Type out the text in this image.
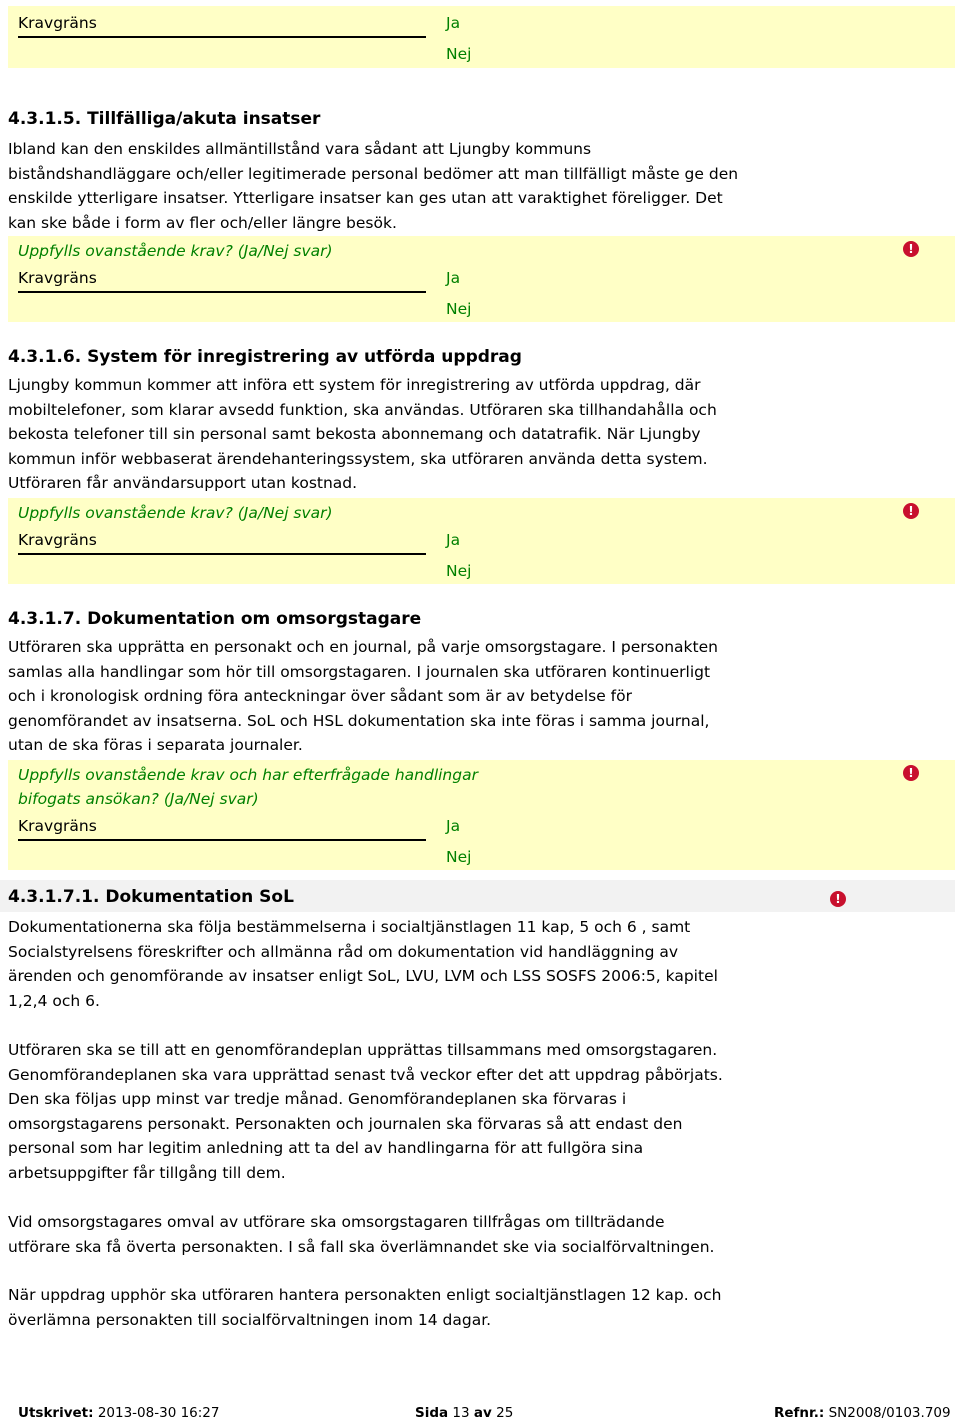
Kravgräns	Ja
Nej
4.3.1.5. Tillfälliga/akuta insatser
Ibland kan den enskildes allmäntillstånd vara sådant att Ljungby kommuns
biståndshandläggare och/eller legitimerade personal bedömer att man tillfälligt måste ge den
enskilde ytterligare insatser. Ytterligare insatser kan ges utan att varaktighet föreligger. Det
kan ske både i form av fler och/eller längre besök.
Uppfylls ovanstående krav? (Ja/Nej svar)	!
Kravgräns	Ja
Nej
4.3.1.6. System för inregistrering av utförda uppdrag
Ljungby kommun kommer att införa ett system för inregistrering av utförda uppdrag, där
mobiltelefoner, som klarar avsedd funktion, ska användas. Utföraren ska tillhandahålla och
bekosta telefoner till sin personal samt bekosta abonnemang och datatrafik. När Ljungby
kommun inför webbaserat ärendehanteringssystem, ska utföraren använda detta system.
Utföraren får användarsupport utan kostnad.
Uppfylls ovanstående krav? (Ja/Nej svar)	!
Kravgräns	Ja
Nej
4.3.1.7. Dokumentation om omsorgstagare
Utföraren ska upprätta en personakt och en journal, på varje omsorgstagare. I personakten
samlas alla handlingar som hör till omsorgstagaren. I journalen ska utföraren kontinuerligt
och i kronologisk ordning föra anteckningar över sådant som är av betydelse för
genomförandet av insatserna. SoL och HSL dokumentation ska inte föras i samma journal,
utan de ska föras i separata journaler.
Uppfylls ovanstående krav och har efterfrågade handlingar
bifogats ansökan? (Ja/Nej svar)
!
Kravgräns	Ja
Nej
4.3.1.7.1. Dokumentation SoL	!
Dokumentationerna ska följa bestämmelserna i socialtjänstlagen 11 kap, 5 och 6 , samt
Socialstyrelsens föreskrifter och allmänna råd om dokumentation vid handläggning av
ärenden och genomförande av insatser enligt SoL, LVU, LVM och LSS SOSFS 2006:5, kapitel
1,2,4 och 6.
Utföraren ska se till att en genomförandeplan upprättas tillsammans med omsorgstagaren.
Genomförandeplanen ska vara upprättad senast två veckor efter det att uppdrag påbörjats.
Den ska följas upp minst var tredje månad. Genomförandeplanen ska förvaras i
omsorgstagarens personakt. Personakten och journalen ska förvaras så att endast den
personal som har legitim anledning att ta del av handlingarna för att fullgöra sina
arbetsuppgifter får tillgång till dem.
Vid omsorgstagares omval av utförare ska omsorgstagaren tillfrågas om tillträdande
utförare ska få överta personakten. I så fall ska överlämnandet ske via socialförvaltningen.
När uppdrag upphör ska utföraren hantera personakten enligt socialtjänstlagen 12 kap. och
överlämna personakten till socialförvaltningen inom 14 dagar.
Utskrivet: 2013-08-30 16:27	Sida 13 av 25	Refnr.: SN2008/0103.709
